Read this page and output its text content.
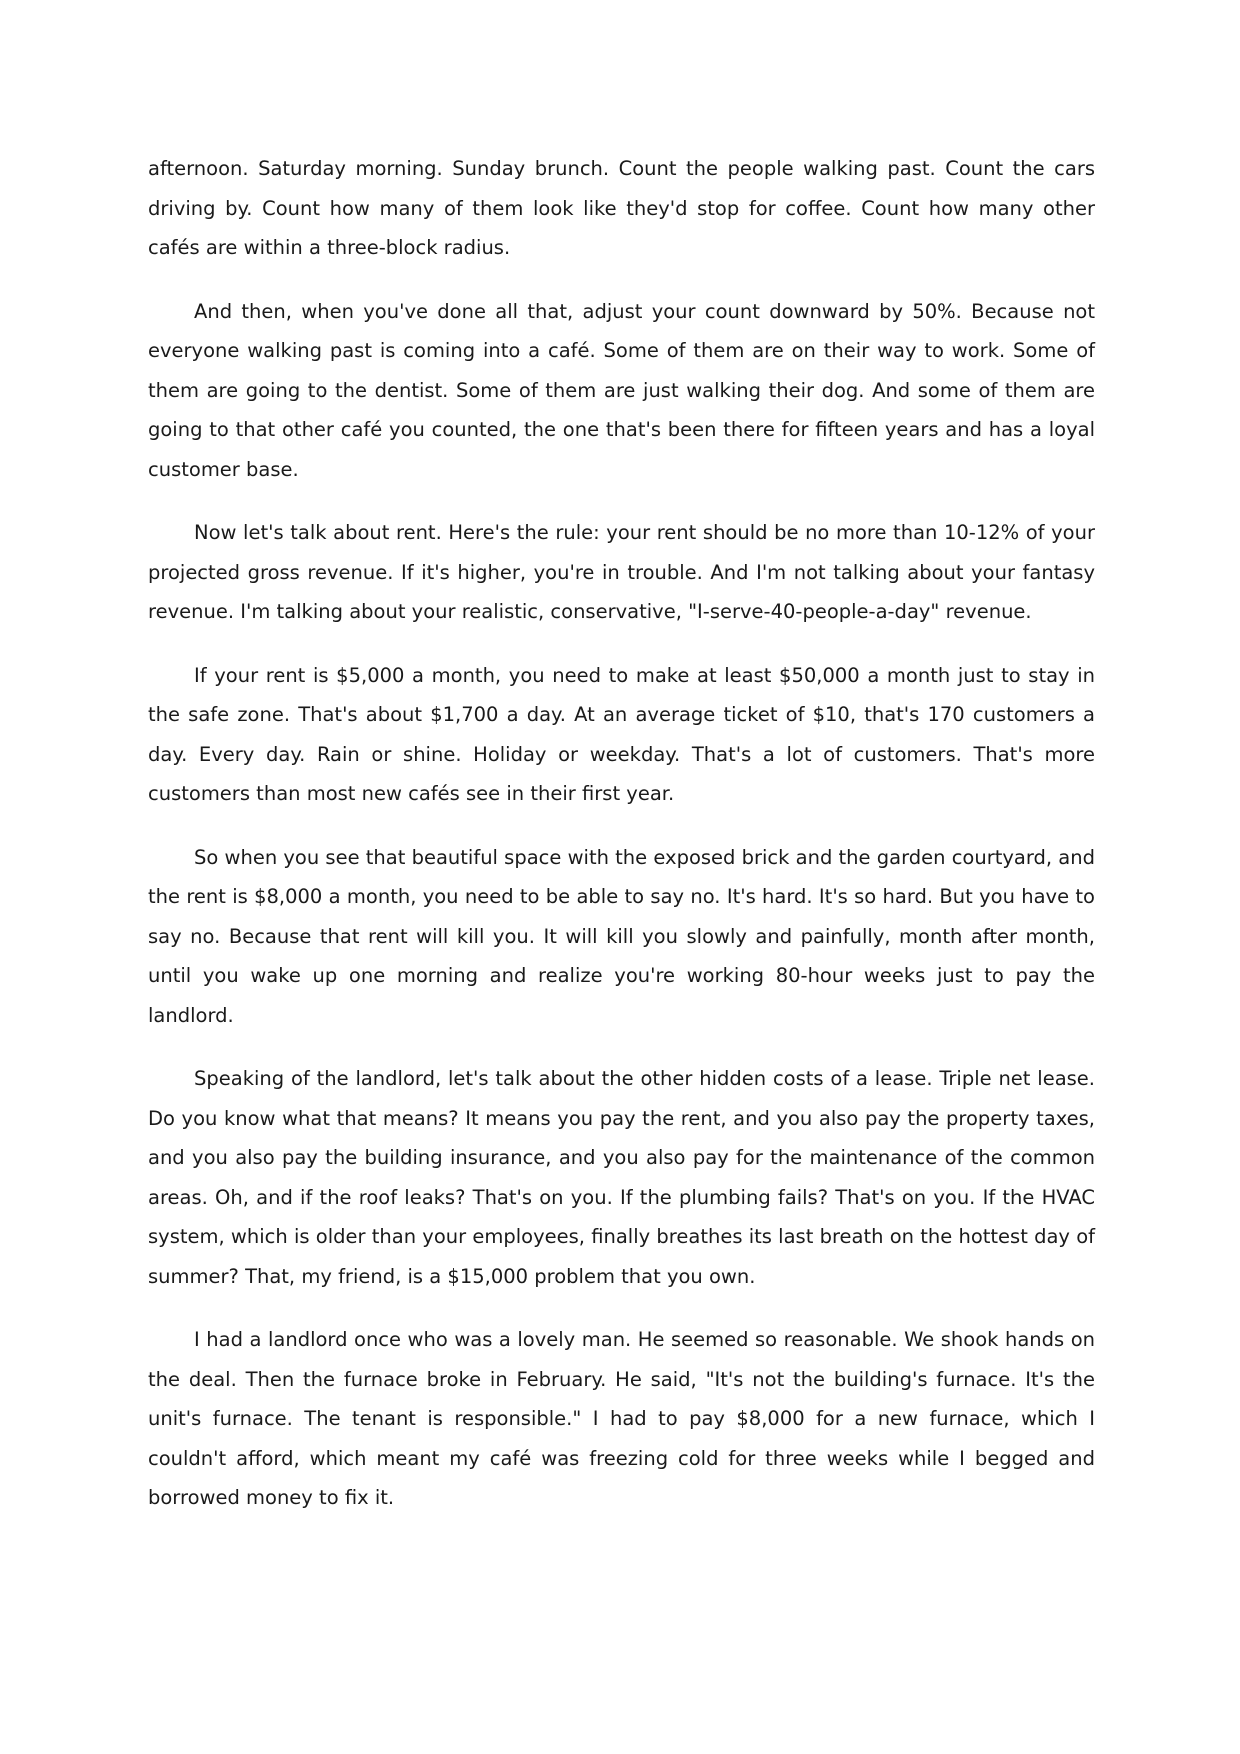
afternoon. Saturday morning. Sunday brunch. Count the people walking past. Count the cars driving by. Count how many of them look like they'd stop for coffee. Count how many other cafés are within a three-block radius.

And then, when you've done all that, adjust your count downward by 50%. Because not everyone walking past is coming into a café. Some of them are on their way to work. Some of them are going to the dentist. Some of them are just walking their dog. And some of them are going to that other café you counted, the one that's been there for fifteen years and has a loyal customer base.

Now let's talk about rent. Here's the rule: your rent should be no more than 10-12% of your projected gross revenue. If it's higher, you're in trouble. And I'm not talking about your fantasy revenue. I'm talking about your realistic, conservative, "I-serve-40-people-a-day" revenue.

If your rent is $5,000 a month, you need to make at least $50,000 a month just to stay in the safe zone. That's about $1,700 a day. At an average ticket of $10, that's 170 customers a day. Every day. Rain or shine. Holiday or weekday. That's a lot of customers. That's more customers than most new cafés see in their first year.

So when you see that beautiful space with the exposed brick and the garden courtyard, and the rent is $8,000 a month, you need to be able to say no. It's hard. It's so hard. But you have to say no. Because that rent will kill you. It will kill you slowly and painfully, month after month, until you wake up one morning and realize you're working 80-hour weeks just to pay the landlord.

Speaking of the landlord, let's talk about the other hidden costs of a lease. Triple net lease. Do you know what that means? It means you pay the rent, and you also pay the property taxes, and you also pay the building insurance, and you also pay for the maintenance of the common areas. Oh, and if the roof leaks? That's on you. If the plumbing fails? That's on you. If the HVAC system, which is older than your employees, finally breathes its last breath on the hottest day of summer? That, my friend, is a $15,000 problem that you own.

I had a landlord once who was a lovely man. He seemed so reasonable. We shook hands on the deal. Then the furnace broke in February. He said, "It's not the building's furnace. It's the unit's furnace. The tenant is responsible." I had to pay $8,000 for a new furnace, which I couldn't afford, which meant my café was freezing cold for three weeks while I begged and borrowed money to fix it.
